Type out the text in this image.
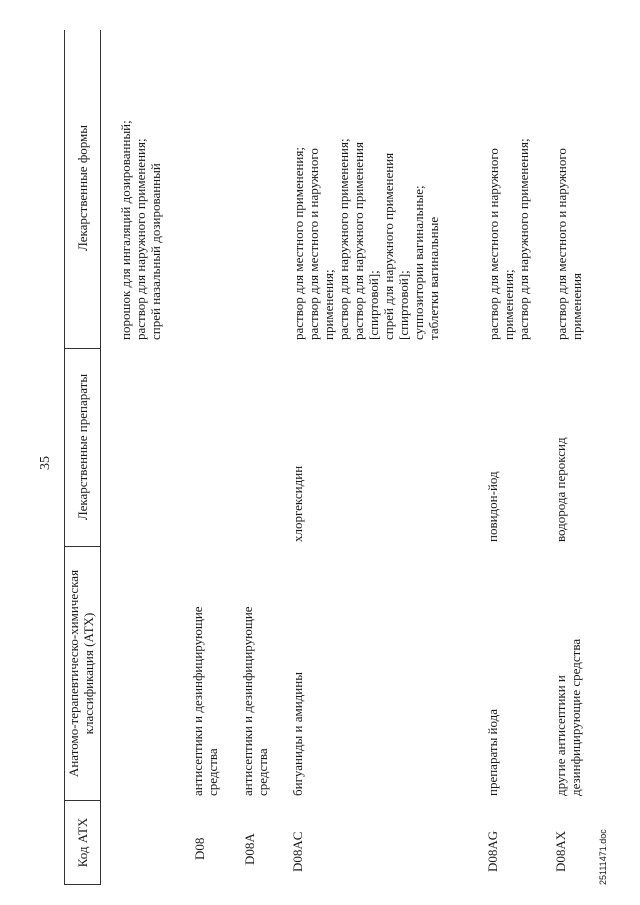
35
Код АТХ
Анатомо-терапевтическо-химическая классификация (АТХ)
Лекарственные препараты
Лекарственные формы
порошок для ингаляций дозированный;
раствор для наружного применения;
спрей назальный дозированный
D08
антисептики и дезинфицирующие
средства
D08A
антисептики и дезинфицирующие
средства
D08AC
бигуаниды и амидины
хлоргексидин
раствор для местного применения;
раствор для местного и наружного
применения;
раствор для наружного применения;
раствор для наружного применения
[спиртовой];
спрей для наружного применения
[спиртовой];
суппозитории вагинальные;
таблетки вагинальные
D08AG
препараты йода
повидон-йод
раствор для местного и наружного
применения;
раствор для наружного применения;
D08AX
другие антисептики и
дезинфицирующие средства
водорода пероксид
раствор для местного и наружного
применения
25111471.doc
